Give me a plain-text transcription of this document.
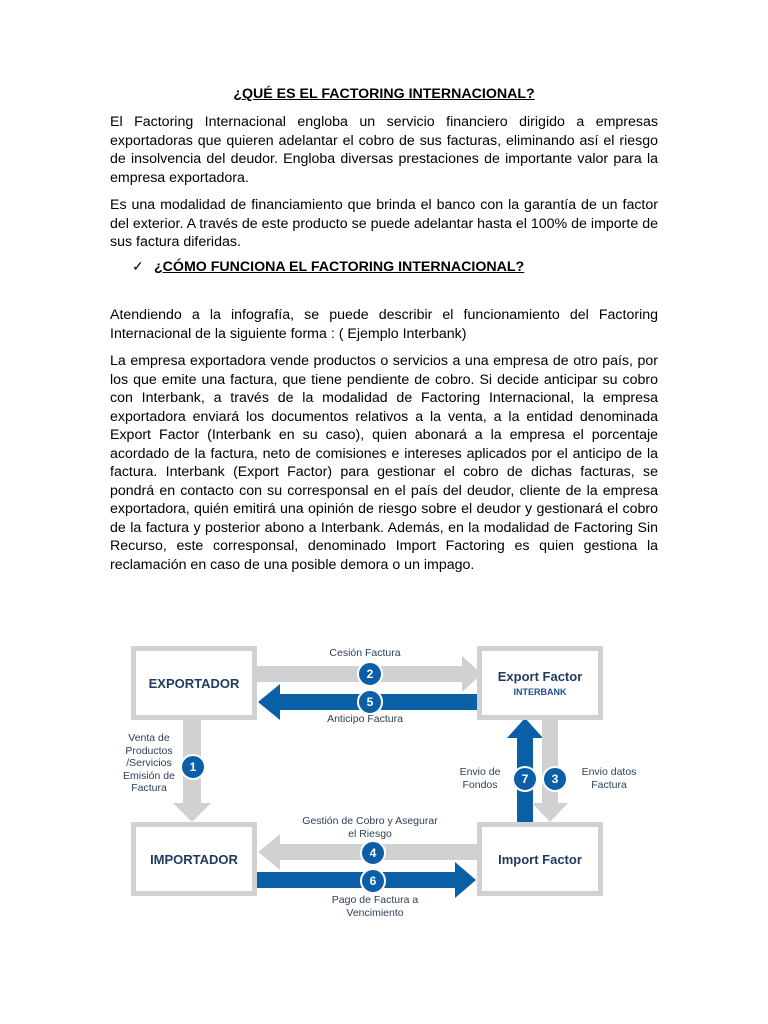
¿QUÉ ES EL FACTORING INTERNACIONAL?

El Factoring Internacional engloba un servicio financiero dirigido a empresas exportadoras que quieren adelantar el cobro de sus facturas, eliminando así el riesgo de insolvencia del deudor. Engloba diversas prestaciones de importante valor para la empresa exportadora.

Es una modalidad de financiamiento que brinda el banco con la garantía de un factor del exterior. A través de este producto se puede adelantar hasta el 100% de importe de sus factura diferidas.

✓ ¿CÓMO FUNCIONA EL FACTORING INTERNACIONAL?

Atendiendo a la infografía, se puede describir el funcionamiento del Factoring Internacional de la siguiente forma : ( Ejemplo Interbank)

La empresa exportadora vende productos o servicios a una empresa de otro país, por los que emite una factura, que tiene pendiente de cobro. Si decide anticipar su cobro con Interbank, a través de la modalidad de Factoring Internacional, la empresa exportadora enviará los documentos relativos a la venta, a la entidad denominada Export Factor (Interbank en su caso), quien abonará a la empresa el porcentaje acordado de la factura, neto de comisiones e intereses aplicados por el anticipo de la factura. Interbank (Export Factor) para gestionar el cobro de dichas facturas, se pondrá en contacto con su corresponsal en el país del deudor, cliente de la empresa exportadora, quién emitirá una opinión de riesgo sobre el deudor y gestionará el cobro de la factura y posterior abono a Interbank. Además, en la modalidad de Factoring Sin Recurso, este corresponsal, denominado Import Factoring es quien gestiona la reclamación en caso de una posible demora o un impago.

EXPORTADOR	Export Factor
INTERBANK
IMPORTADOR	Import Factor
2
5
1
7	3
4
6
Cesión Factura
Anticipo Factura
Venta de Productos /Servicios Emisión de Factura
Envio de Fondos
Envio datos Factura
Gestión de Cobro y Asegurar el Riesgo
Pago de Factura a Vencimiento
